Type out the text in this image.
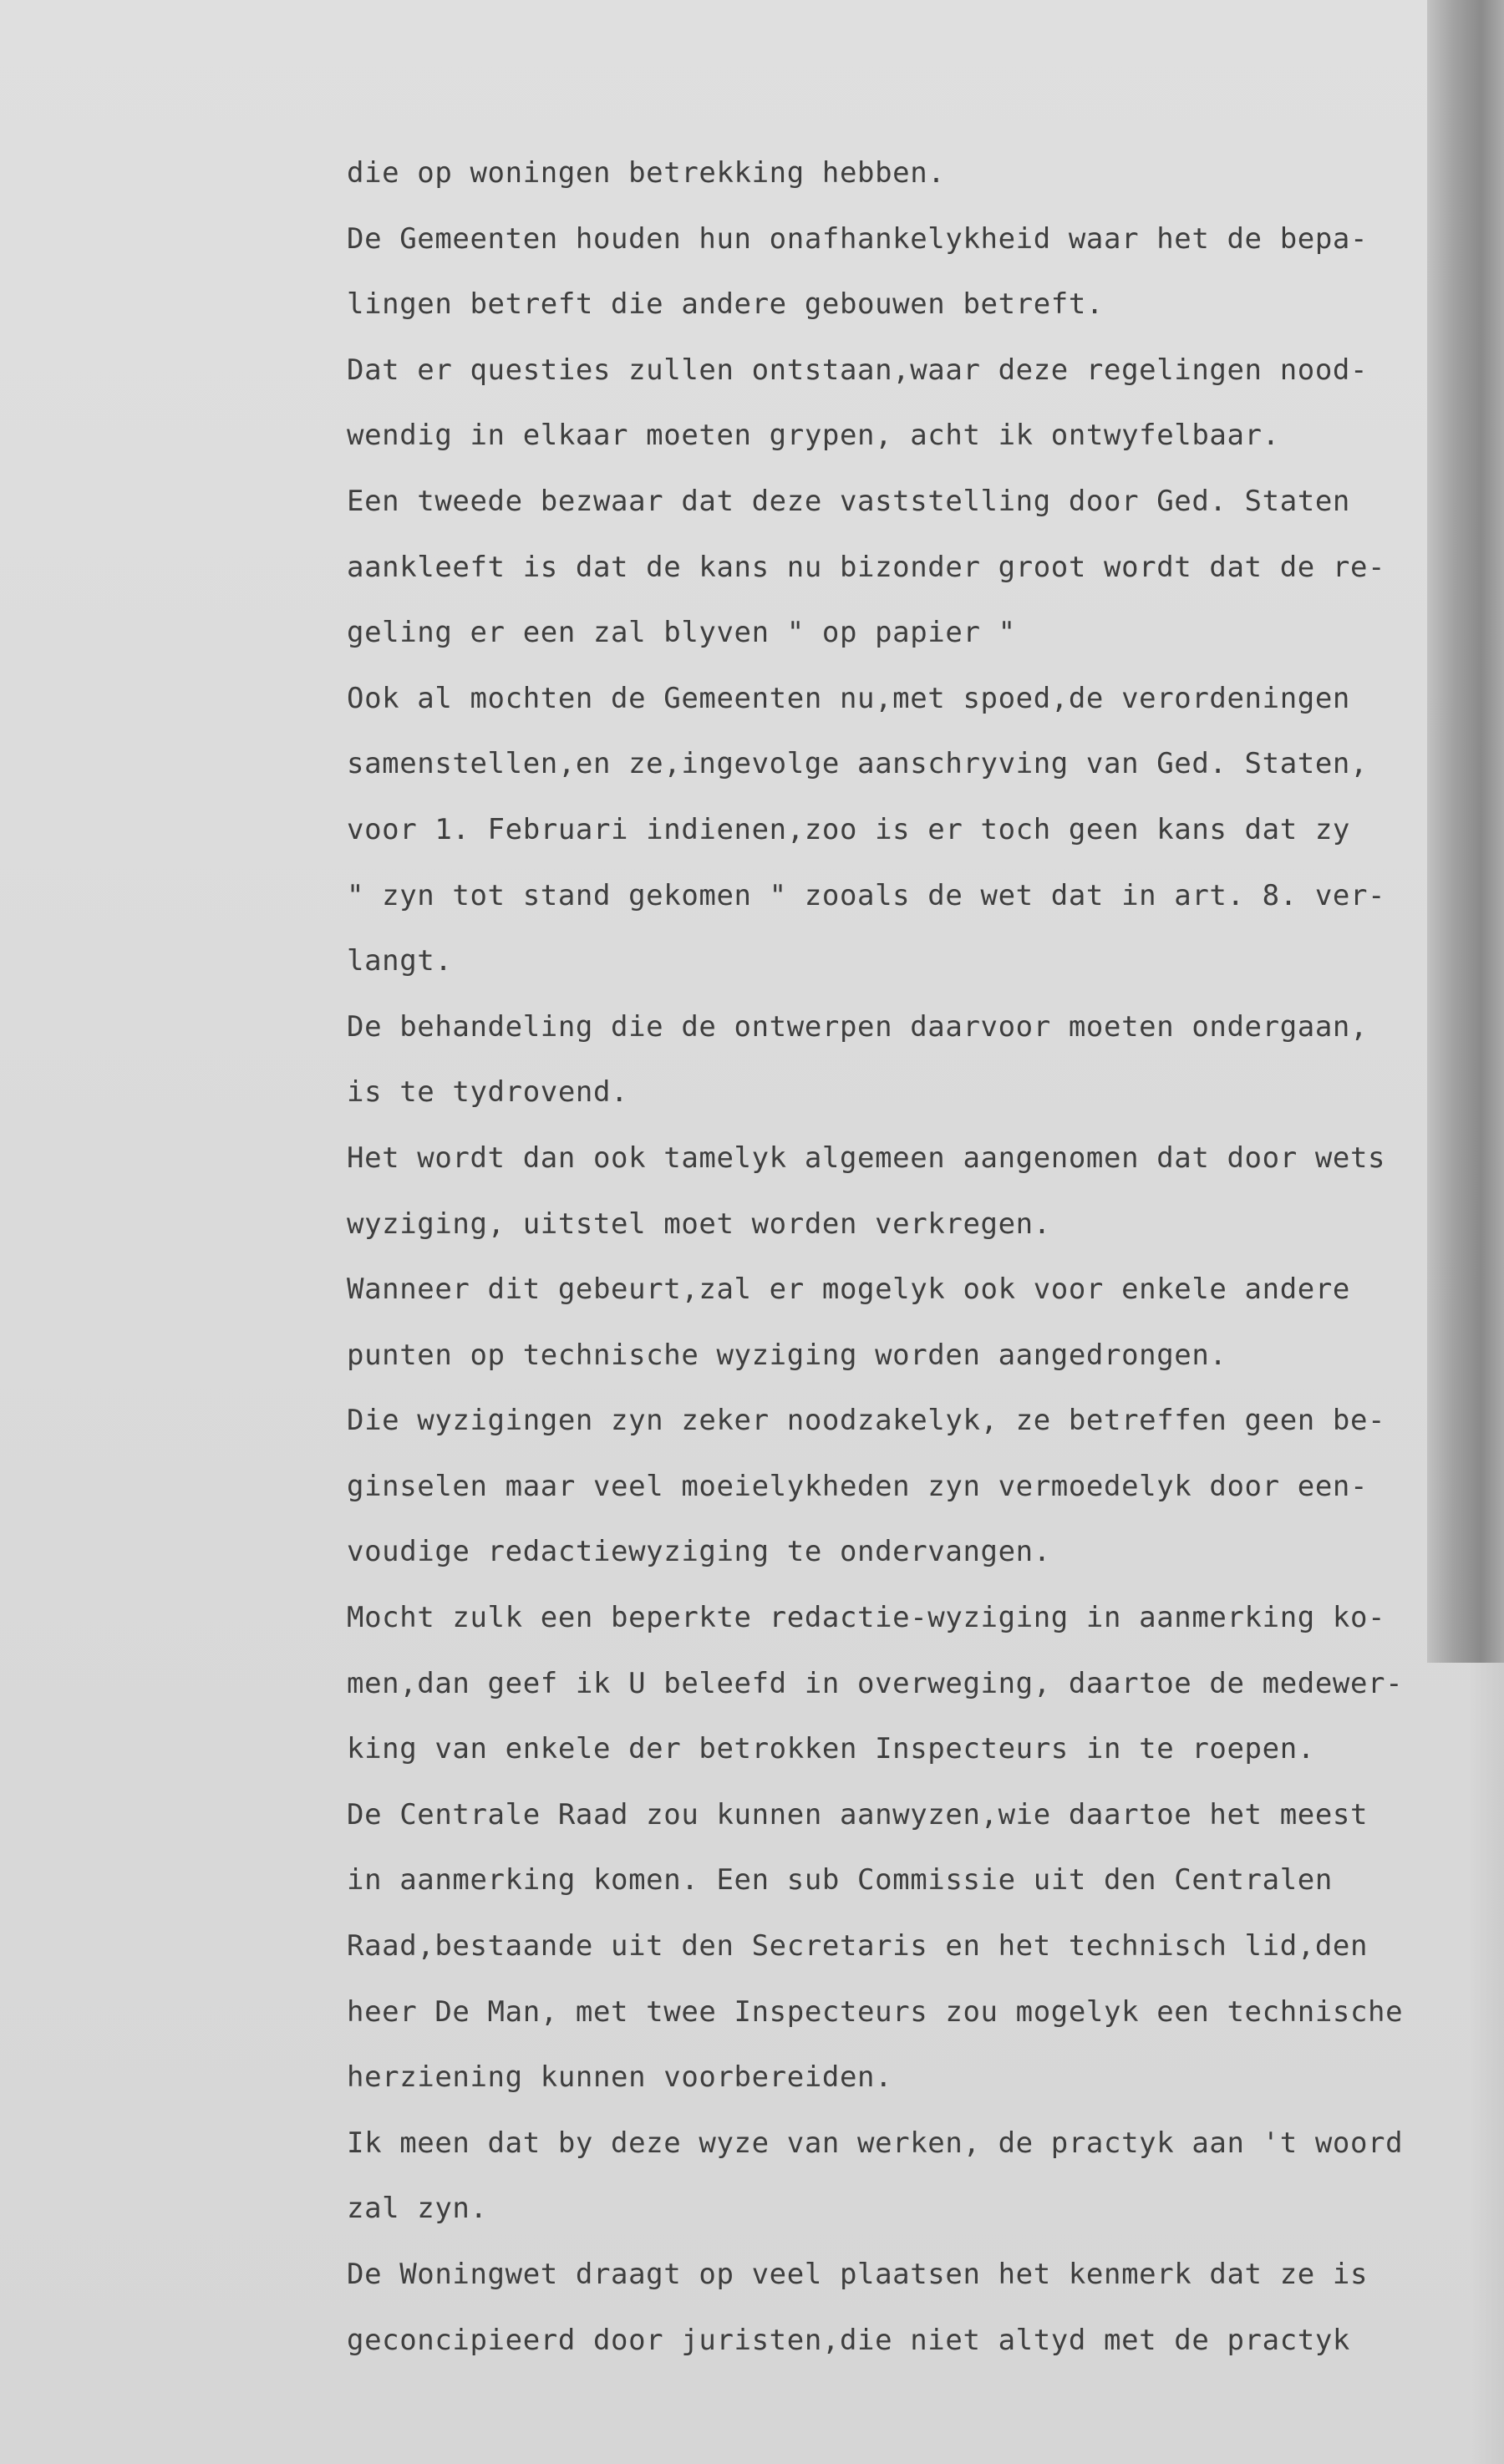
die op woningen betrekking hebben.
De Gemeenten houden hun onafhankelykheid waar het de bepa-
lingen betreft die andere gebouwen betreft.
Dat er questies zullen ontstaan,waar deze regelingen nood-
wendig in elkaar moeten grypen, acht ik ontwyfelbaar.
Een tweede bezwaar dat deze vaststelling door Ged. Staten
aankleeft is dat de kans nu bizonder groot wordt dat de re-
geling er een zal blyven " op papier "
Ook al mochten de Gemeenten nu,met spoed,de verordeningen
samenstellen,en ze,ingevolge aanschryving van Ged. Staten,
voor 1. Februari indienen,zoo is er toch geen kans dat zy
" zyn tot stand gekomen " zooals de wet dat in art. 8. ver-
langt.
De behandeling die de ontwerpen daarvoor moeten ondergaan,
is te tydrovend.
Het wordt dan ook tamelyk algemeen aangenomen dat door wets
wyziging, uitstel moet worden verkregen.
Wanneer dit gebeurt,zal er mogelyk ook voor enkele andere
punten op technische wyziging worden aangedrongen.
Die wyzigingen zyn zeker noodzakelyk, ze betreffen geen be-
ginselen maar veel moeielykheden zyn vermoedelyk door een-
voudige redactiewyziging te ondervangen.
Mocht zulk een beperkte redactie-wyziging in aanmerking ko-
men,dan geef ik U beleefd in overweging, daartoe de medewer-
king van enkele der betrokken Inspecteurs in te roepen.
De Centrale Raad zou kunnen aanwyzen,wie daartoe het meest
in aanmerking komen. Een sub Commissie uit den Centralen
Raad,bestaande uit den Secretaris en het technisch lid,den
heer De Man, met twee Inspecteurs zou mogelyk een technische
herziening kunnen voorbereiden.
Ik meen dat by deze wyze van werken, de practyk aan 't woord
zal zyn.
De Woningwet draagt op veel plaatsen het kenmerk dat ze is
geconcipieerd door juristen,die niet altyd met de practyk
